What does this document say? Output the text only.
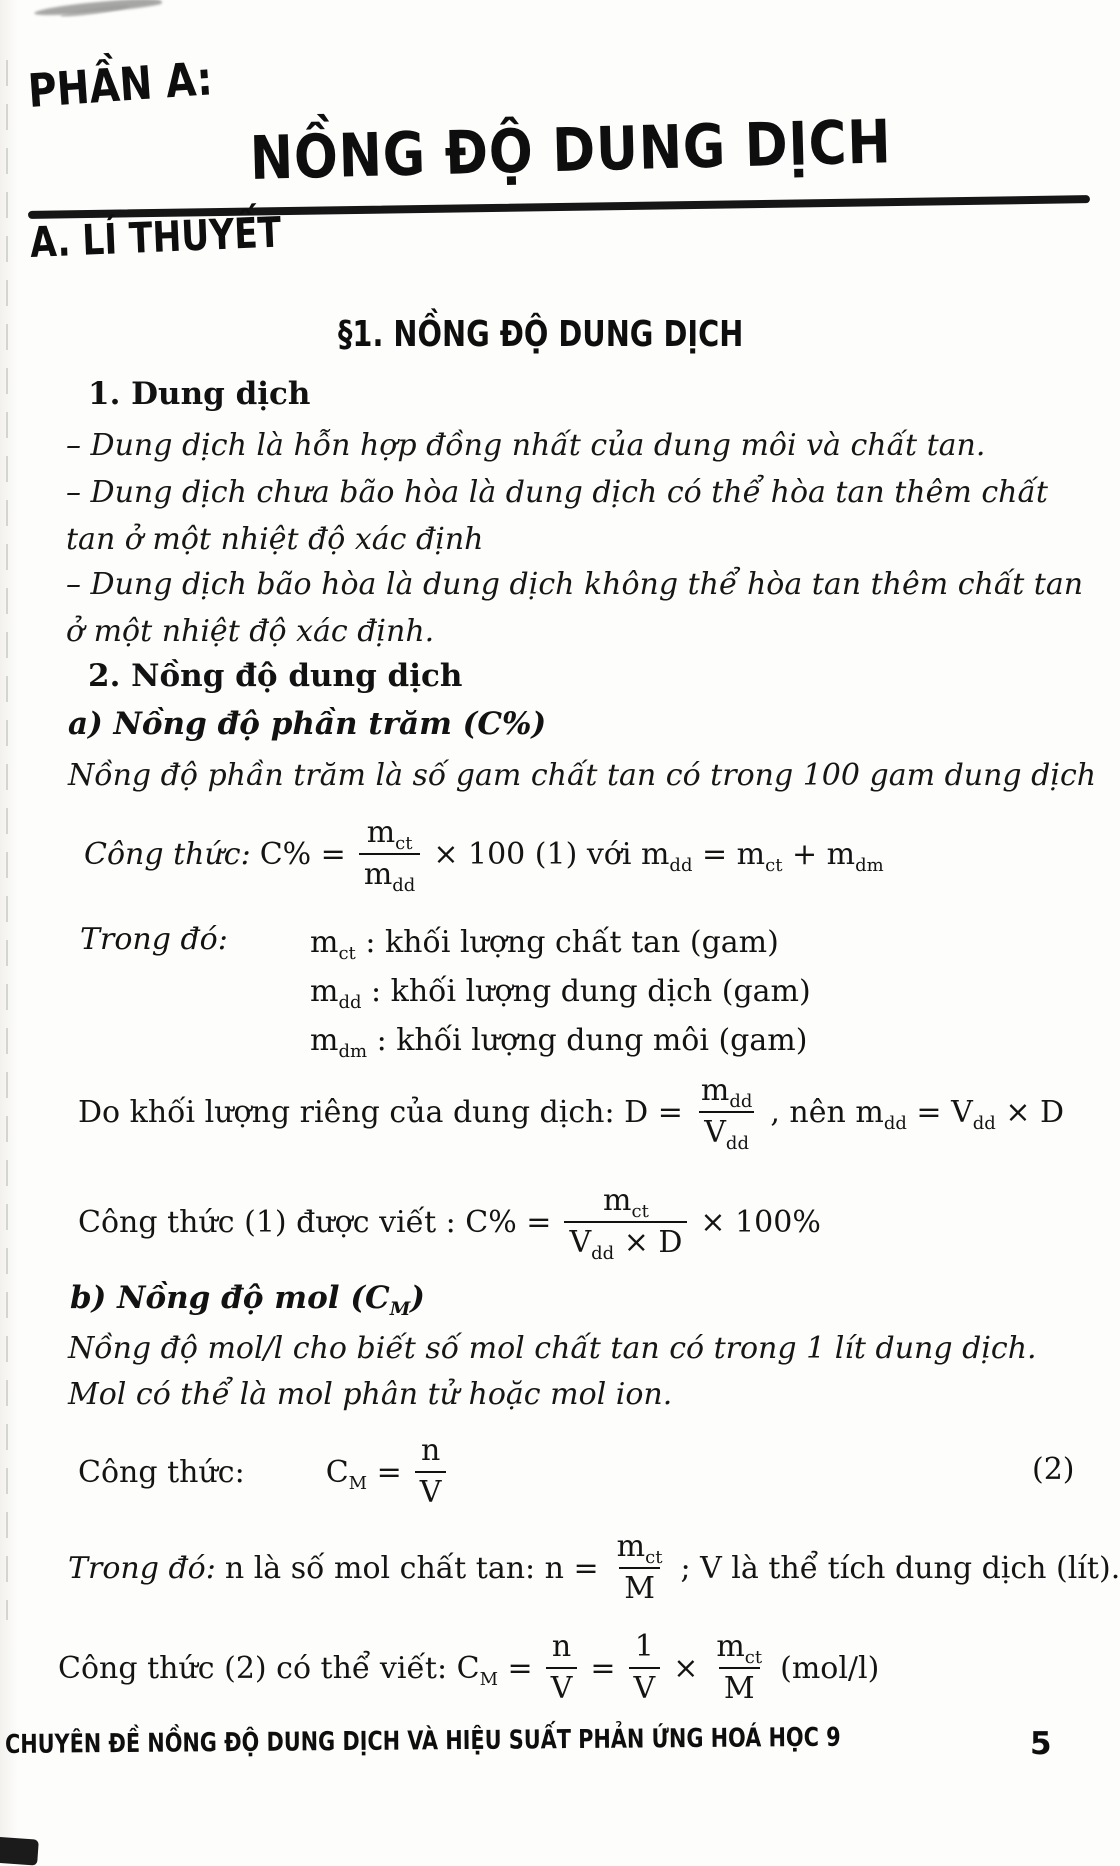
PHẦN A:
NỒNG ĐỘ DUNG DỊCH
A. LÍ THUYẾT
§1. NỒNG ĐỘ DUNG DỊCH
1. Dung dịch
– Dung dịch là hỗn hợp đồng nhất của dung môi và chất tan.
– Dung dịch chưa bão hòa là dung dịch có thể hòa tan thêm chất tan ở một nhiệt độ xác định
– Dung dịch bão hòa là dung dịch không thể hòa tan thêm chất tan ở một nhiệt độ xác định.
2. Nồng độ dung dịch
a) Nồng độ phần trăm (C%)
Nồng độ phần trăm là số gam chất tan có trong 100 gam dung dịch
Công thức: $C\% = \frac{m_{ct}}{m_{dd}} \times 100$ (1) với $m_{dd} = m_{ct} + m_{dm}$
Trong đó:	$m_{ct}$ : khối lượng chất tan (gam)
$m_{dd}$ : khối lượng dung dịch (gam)
$m_{dm}$ : khối lượng dung môi (gam)
Do khối lượng riêng của dung dịch: $D = \frac{m_{dd}}{V_{dd}}$ , nên $m_{dd} = V_{dd} \times D$
Công thức (1) được viết : $C\% = \frac{m_{ct}}{V_{dd} \times D} \times 100\%$
b) Nồng độ mol $(C_M)$
Nồng độ mol/l cho biết số mol chất tan có trong 1 lít dung dịch. Mol có thể là mol phân tử hoặc mol ion.
Công thức:	$C_M = \frac{n}{V}$	(2)
Trong đó: n là số mol chất tan: $n = \frac{m_{ct}}{M}$ ; V là thể tích dung dịch (lít).
Công thức (2) có thể viết: $C_M = \frac{n}{V} = \frac{1}{V} \times \frac{m_{ct}}{M} (mol/l)$
CHUYÊN ĐỀ NỒNG ĐỘ DUNG DỊCH VÀ HIỆU SUẤT PHẢN ỨNG HOÁ HỌC 9	5
